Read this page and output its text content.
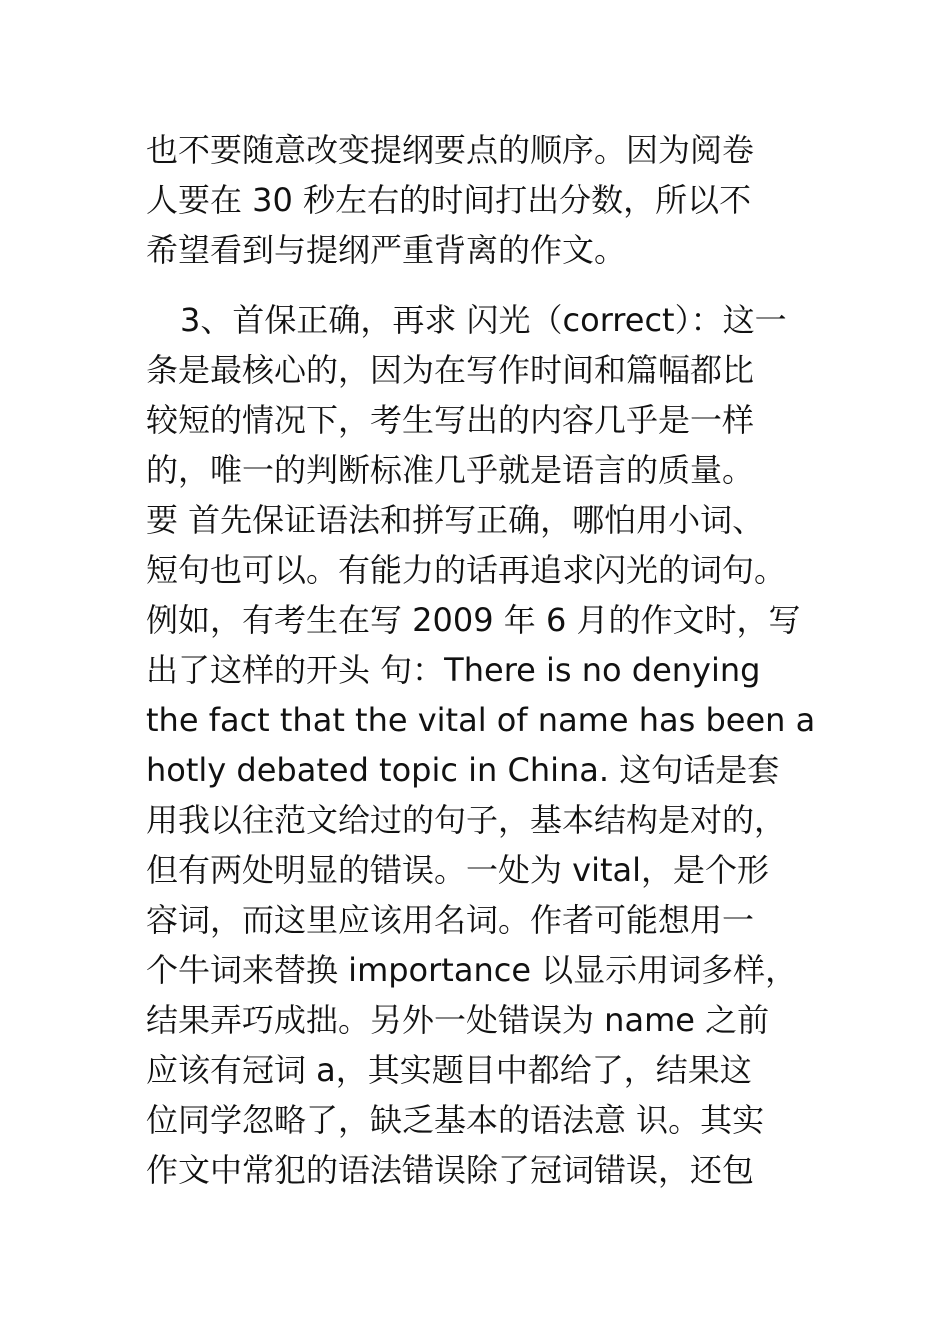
也不要随意改变提纲要点的顺序。因为阅卷
人要在 30 秒左右的时间打出分数，所以不
希望看到与提纲严重背离的作文。
3、首保正确，再求 闪光（correct）：这一
条是最核心的，因为在写作时间和篇幅都比
较短的情况下，考生写出的内容几乎是一样
的，唯一的判断标准几乎就是语言的质量。
要 首先保证语法和拼写正确，哪怕用小词、
短句也可以。有能力的话再追求闪光的词句。
例如，有考生在写 2009 年 6 月的作文时，写
出了这样的开头 句：There is no denying
the fact that the vital of name has been a
hotly debated topic in China. 这句话是套
用我以往范文给过的句子，基本结构是对的，
但有两处明显的错误。一处为 vital，是个形
容词，而这里应该用名词。作者可能想用一
个牛词来替换 importance 以显示用词多样，
结果弄巧成拙。另外一处错误为 name 之前
应该有冠词 a，其实题目中都给了，结果这
位同学忽略了，缺乏基本的语法意 识。其实
作文中常犯的语法错误除了冠词错误，还包
